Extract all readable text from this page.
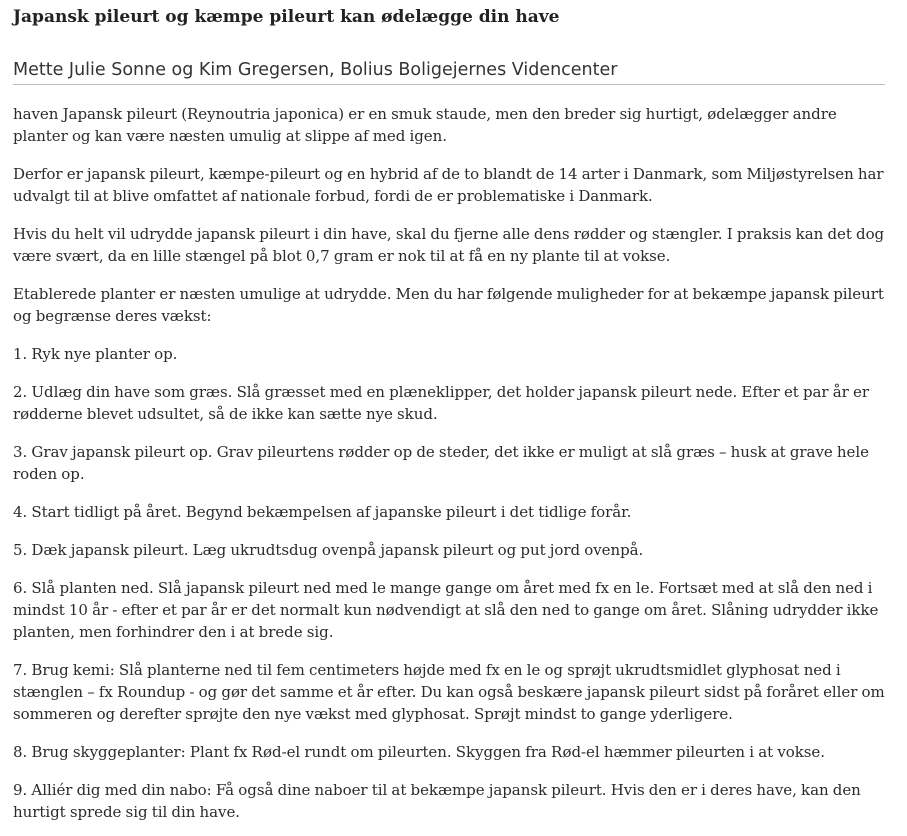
Japansk pileurt og kæmpe pileurt kan ødelægge din have
Mette Julie Sonne og Kim Gregersen, Bolius Boligejernes Videncenter

haven Japansk pileurt (Reynoutria japonica) er en smuk staude, men den breder sig hurtigt, ødelægger andre planter og kan være næsten umulig at slippe af med igen.

Derfor er japansk pileurt, kæmpe-pileurt og en hybrid af de to blandt de 14 arter i Danmark, som Miljøstyrelsen har udvalgt til at blive omfattet af nationale forbud, fordi de er problematiske i Danmark.

Hvis du helt vil udrydde japansk pileurt i din have, skal du fjerne alle dens rødder og stængler. I praksis kan det dog være svært, da en lille stængel på blot 0,7 gram er nok til at få en ny plante til at vokse.

Etablerede planter er næsten umulige at udrydde. Men du har følgende muligheder for at bekæmpe japansk pileurt og begrænse deres vækst:

1. Ryk nye planter op.

2. Udlæg din have som græs. Slå græsset med en plæneklipper, det holder japansk pileurt nede. Efter et par år er rødderne blevet udsultet, så de ikke kan sætte nye skud.

3. Grav japansk pileurt op. Grav pileurtens rødder op de steder, det ikke er muligt at slå græs – husk at grave hele roden op.

4. Start tidligt på året. Begynd bekæmpelsen af japanske pileurt i det tidlige forår.

5. Dæk japansk pileurt. Læg ukrudtsdug ovenpå japansk pileurt og put jord ovenpå.

6. Slå planten ned. Slå japansk pileurt ned med le mange gange om året med fx en le. Fortsæt med at slå den ned i mindst 10 år - efter et par år er det normalt kun nødvendigt at slå den ned to gange om året. Slåning udrydder ikke planten, men forhindrer den i at brede sig.

7. Brug kemi: Slå planterne ned til fem centimeters højde med fx en le og sprøjt ukrudtsmidlet glyphosat ned i stænglen – fx Roundup - og gør det samme et år efter. Du kan også beskære japansk pileurt sidst på foråret eller om sommeren og derefter sprøjte den nye vækst med glyphosat. Sprøjt mindst to gange yderligere.

8. Brug skyggeplanter: Plant fx Rød-el rundt om pileurten. Skyggen fra Rød-el hæmmer pileurten i at vokse.

9. Alliér dig med din nabo: Få også dine naboer til at bekæmpe japansk pileurt. Hvis den er i deres have, kan den hurtigt sprede sig til din have.
